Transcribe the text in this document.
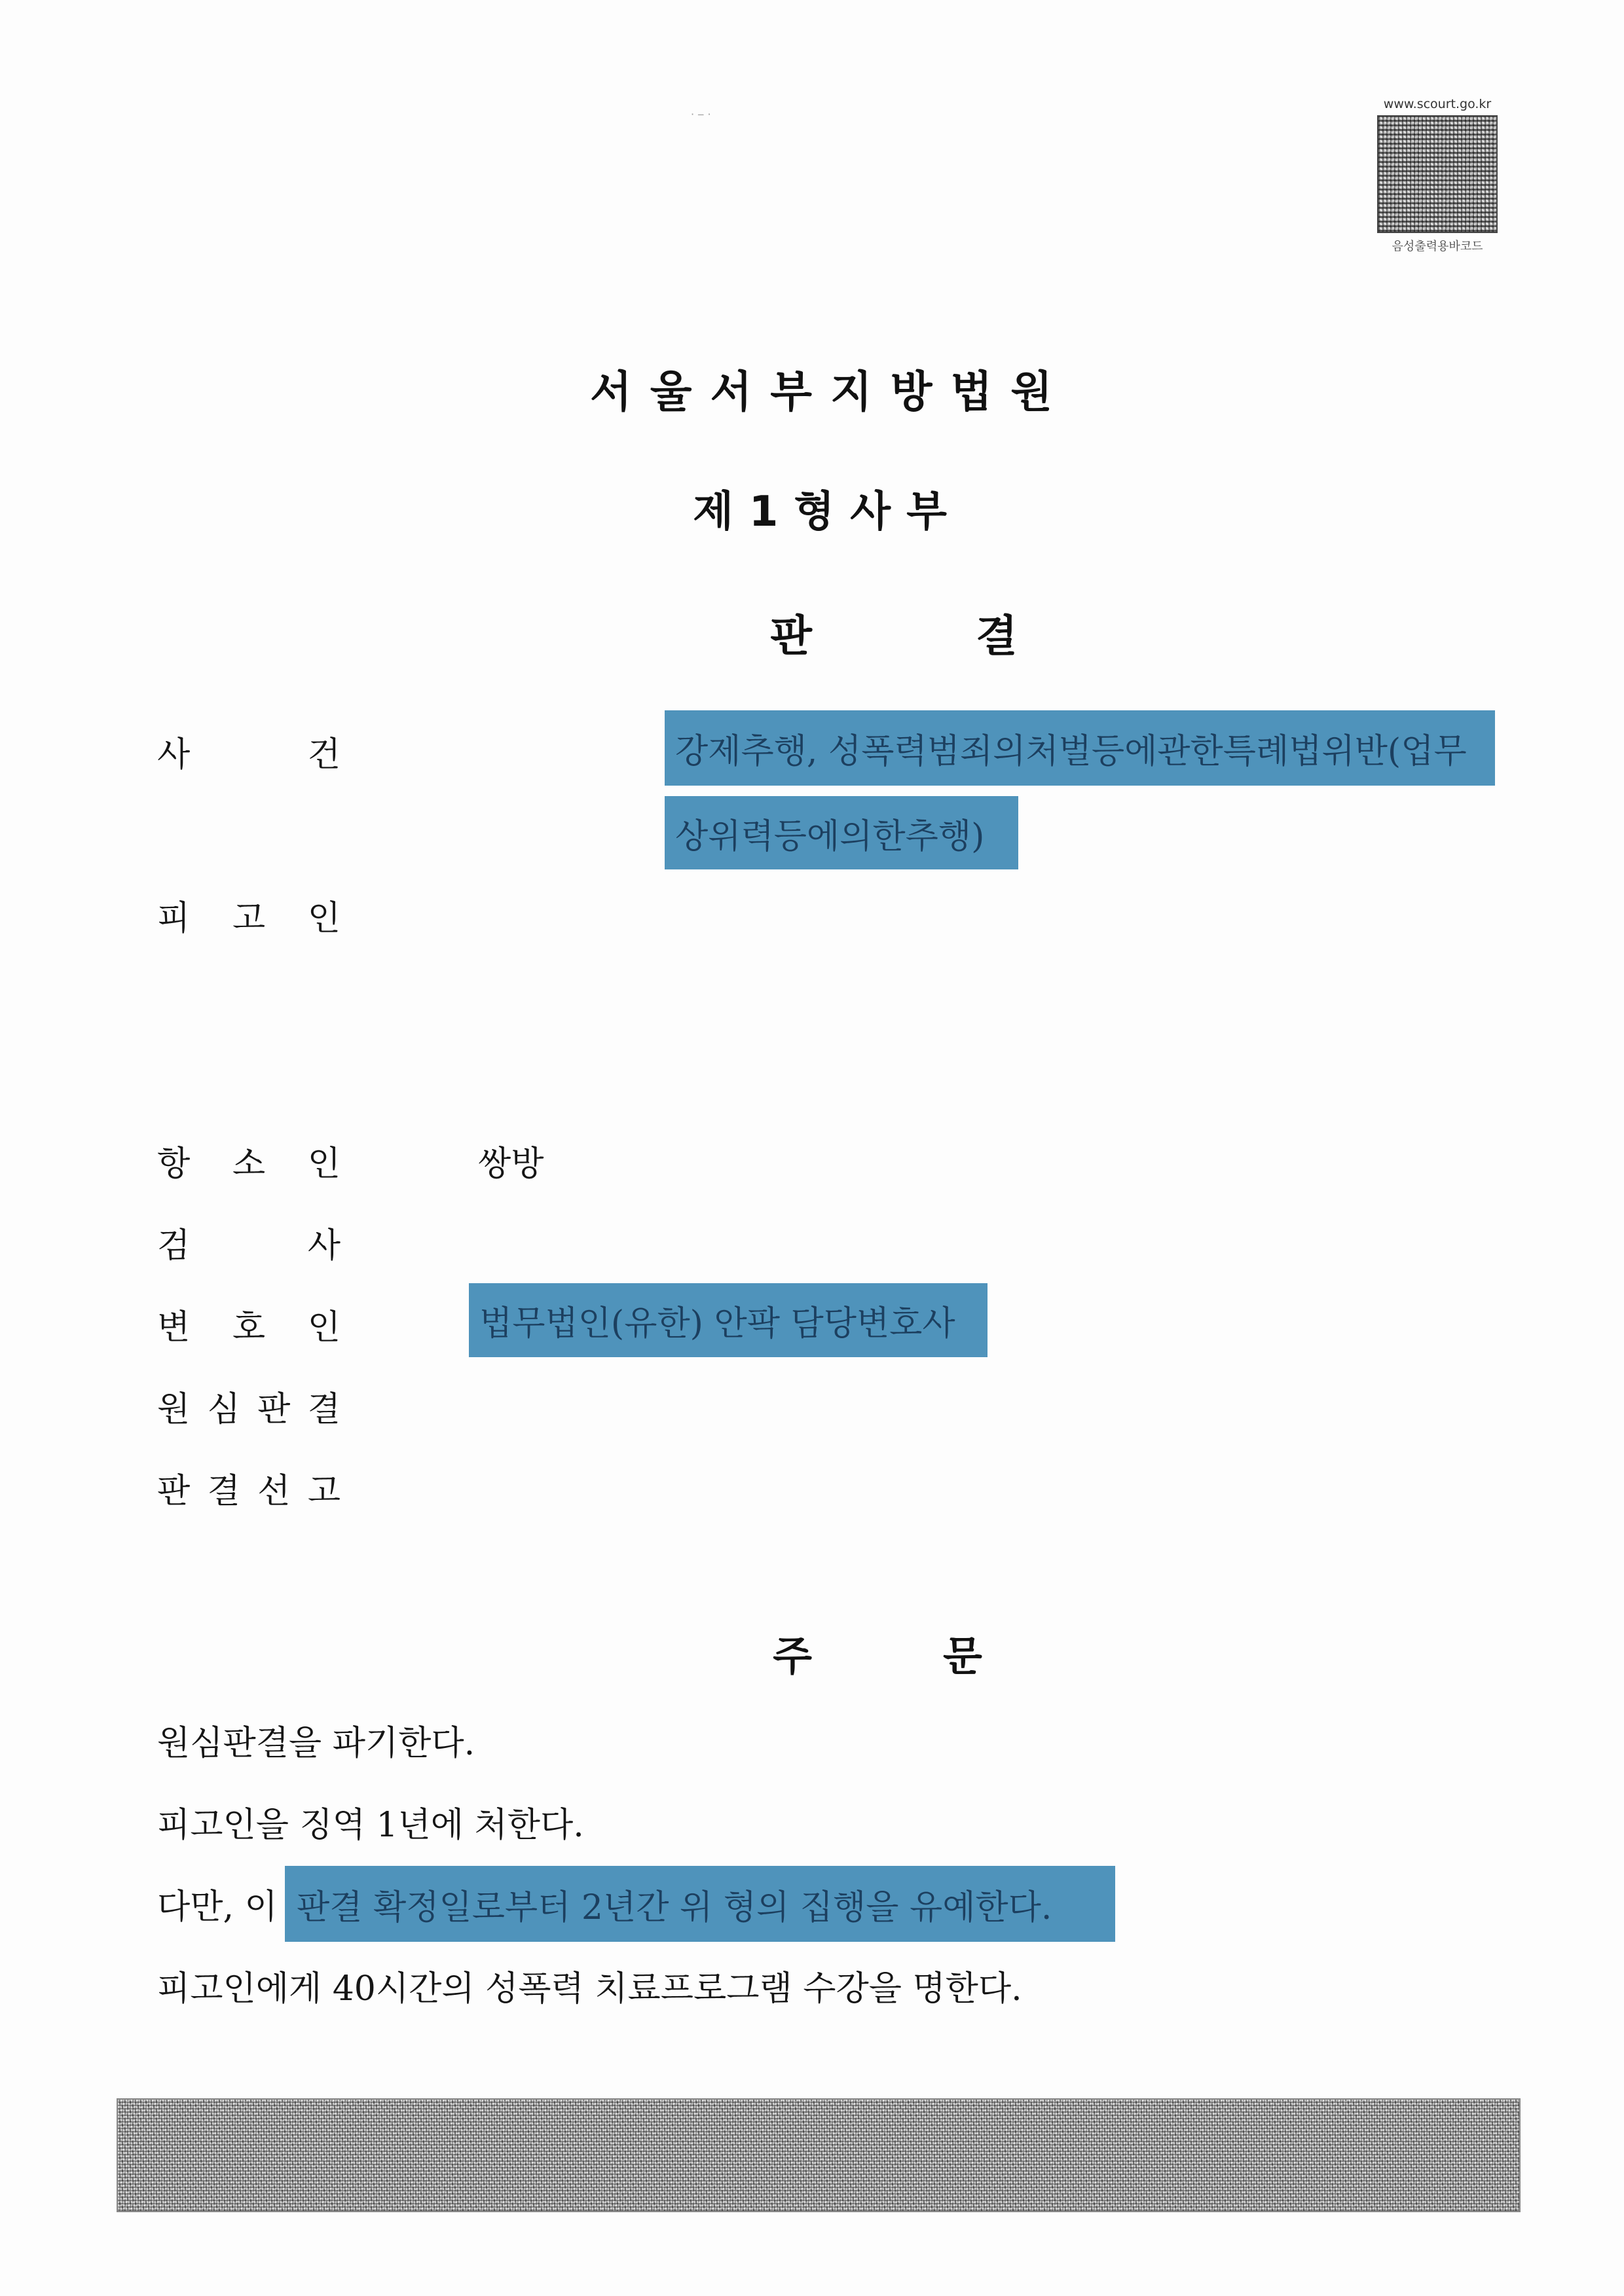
www.scourt.go.kr
음성출력용바코드
· ‒ ·
서울서부지방법원
제1형사부
판결
사	건	강제추행, 성폭력범죄의처벌등에관한특례법위반(업무
상위력등에의한추행)
피 고 인
항 소 인	쌍방
검	사
변 호 인	법무법인(유한) 안팍 담당변호사
원 심 판 결
판 결 선 고
주문
원심판결을 파기한다.
피고인을 징역 1년에 처한다.
다만, 이 판결 확정일로부터 2년간 위 형의 집행을 유예한다.
피고인에게 40시간의 성폭력 치료프로그램 수강을 명한다.
